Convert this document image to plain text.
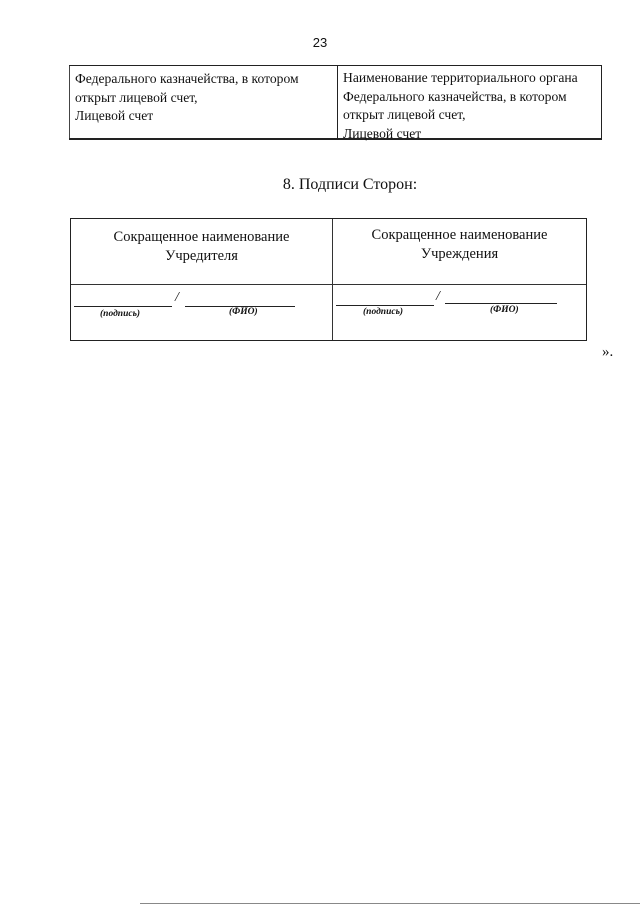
23
Федерального казначейства, в котором
открыт лицевой счет,
Лицевой счет
Наименование территориального органа
Федерального казначейства, в котором
открыт лицевой счет,
Лицевой счет
8. Подписи Сторон:
Сокращенное наименование
Учредителя
Сокращенное наименование
Учреждения
/
(подпись)	(ФИО)
/
(подпись)	(ФИО)
».
